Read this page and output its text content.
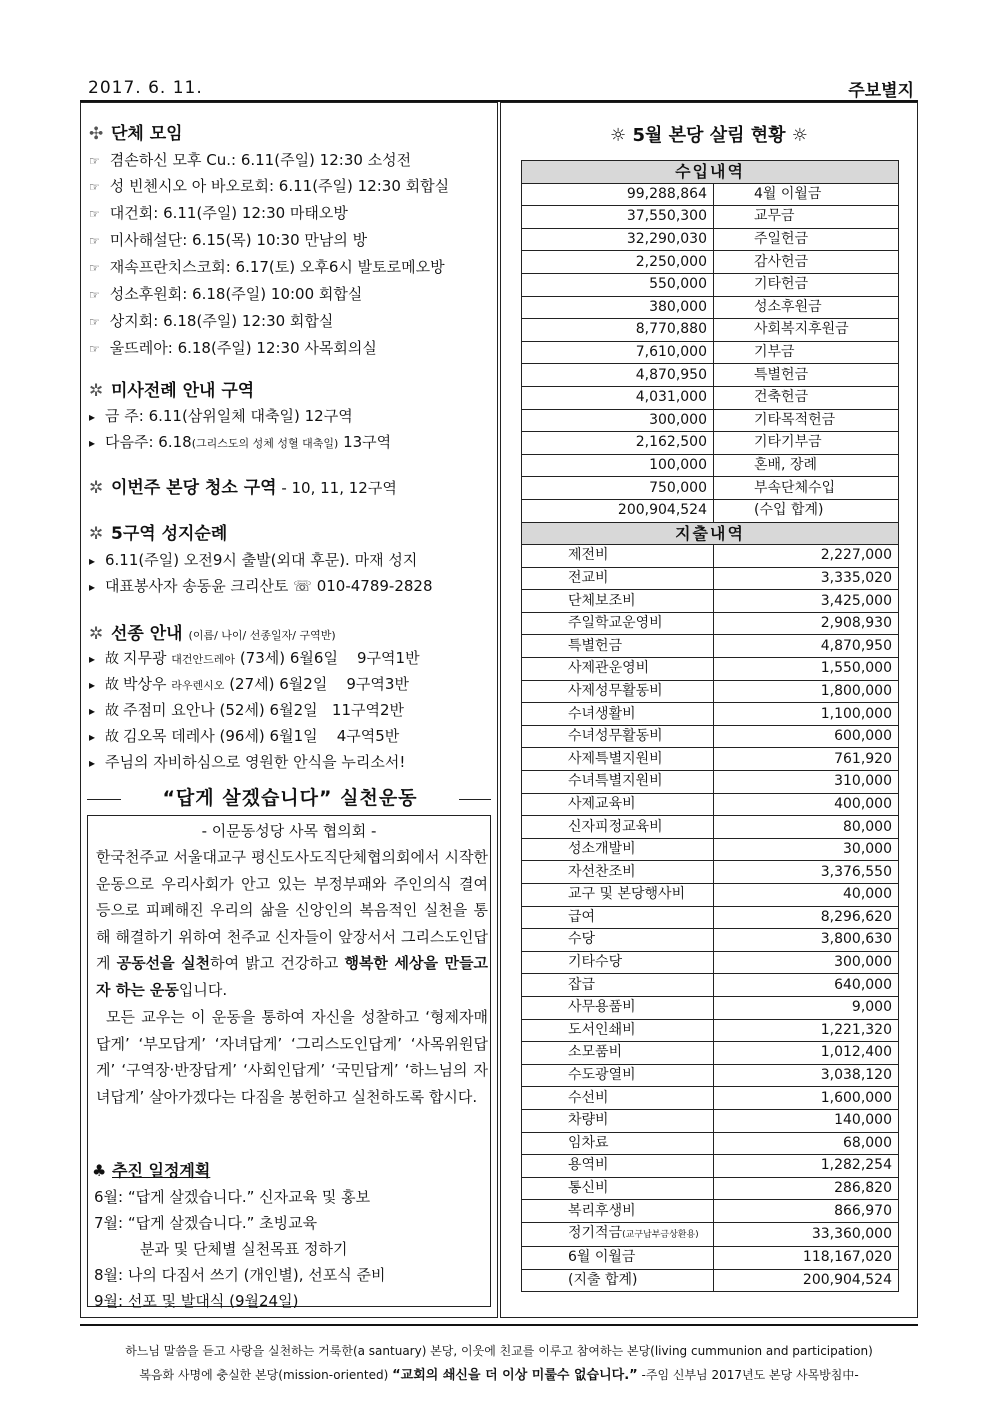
2017. 6. 11.	주보별지
✣ 단체 모임
☞ 겸손하신 모후 Cu.: 6.11(주일) 12:30 소성전
☞ 성 빈첸시오 아 바오로회: 6.11(주일) 12:30 회합실
☞ 대건회: 6.11(주일) 12:30 마태오방
☞ 미사해설단: 6.15(목) 10:30 만남의 방
☞ 재속프란치스코회: 6.17(토) 오후6시 발토로메오방
☞ 성소후원회: 6.18(주일) 10:00 회합실
☞ 상지회: 6.18(주일) 12:30 회합실
☞ 울뜨레아: 6.18(주일) 12:30 사목회의실
✲ 미사전례 안내 구역
▸ 금 주: 6.11(삼위일체 대축일) 12구역
▸ 다음주: 6.18(그리스도의 성체 성혈 대축일) 13구역
✲ 이번주 본당 청소 구역 - 10, 11, 12구역
✲ 5구역 성지순례
▸ 6.11(주일) 오전9시 출발(외대 후문). 마재 성지
▸ 대표봉사자 송동윤 크리산토 ☏ 010-4789-2828
✲ 선종 안내 (이름/ 나이/ 선종일자/ 구역반)
▸ 故 지무광 대건안드레아 (73세) 6월6일    9구역1반
▸ 故 박상우 라우렌시오 (27세) 6월2일    9구역3반
▸ 故 주점미 요안나 (52세) 6월2일   11구역2반
▸ 故 김오목 데레사 (96세) 6월1일    4구역5반
▸ 주님의 자비하심으로 영원한 안식을 누리소서!
“답게 살겠습니다” 실천운동
- 이문동성당 사목 협의회 -
한국천주교 서울대교구 평신도사도직단체협의회에서 시작한 운동으로 우리사회가 안고 있는 부정부패와 주인의식 결여 등으로 피폐해진 우리의 삶을 신앙인의 복음적인 실천을 통해 해결하기 위하여 천주교 신자들이 앞장서서 그리스도인답게 공동선을 실천하여 밝고 건강하고 행복한 세상을 만들고자 하는 운동입니다.
모든 교우는 이 운동을 통하여 자신을 성찰하고 ‘형제자매답게’ ‘부모답게’ ‘자녀답게’ ‘그리스도인답게’ ‘사목위원답게’ ‘구역장·반장답게’ ‘사회인답게’ ‘국민답게’ ‘하느님의 자녀답게’ 살아가겠다는 다짐을 봉헌하고 실천하도록 합시다.
♣ 추진 일정계획
6월: “답게 살겠습니다.” 신자교육 및 홍보
7월: “답게 살겠습니다.” 초빙교육
분과 및 단체별 실천목표 정하기
8월: 나의 다짐서 쓰기 (개인별), 선포식 준비
9월: 선포 및 발대식 (9월24일)
☼ 5월 본당 살림 현황 ☼
수입내역	
99,288,864	4월 이월금
37,550,300	교무금
32,290,030	주일헌금
2,250,000	감사헌금
550,000	기타헌금
380,000	성소후원금
8,770,880	사회복지후원금
7,610,000	기부금
4,870,950	특별헌금
4,031,000	건축헌금
300,000	기타목적헌금
2,162,500	기타기부금
100,000	혼배, 장례
750,000	부속단체수입
200,904,524	(수입 합계)
지출내역	
제전비	2,227,000
전교비	3,335,020
단체보조비	3,425,000
주일학교운영비	2,908,930
특별헌금	4,870,950
사제관운영비	1,550,000
사제성무활동비	1,800,000
수녀생활비	1,100,000
수녀성무활동비	600,000
사제특별지원비	761,920
수녀특별지원비	310,000
사제교육비	400,000
신자피정교육비	80,000
성소개발비	30,000
자선찬조비	3,376,550
교구 및 본당행사비	40,000
급여	8,296,620
수당	3,800,630
기타수당	300,000
잡급	640,000
사무용품비	9,000
도서인쇄비	1,221,320
소모품비	1,012,400
수도광열비	3,038,120
수선비	1,600,000
차량비	140,000
임차료	68,000
용역비	1,282,254
통신비	286,820
복리후생비	866,970
정기적금(교구납부금상환용)	33,360,000
6월 이월금	118,167,020
(지출 합계)	200,904,524
하느님 말씀을 듣고 사랑을 실천하는 거룩한(a santuary) 본당, 이웃에 친교를 이루고 참여하는 본당(living cummunion and participation)
복음화 사명에 충실한 본당(mission-oriented) “교회의 쇄신을 더 이상 미룰수 없습니다.” -주임 신부님 2017년도 본당 사목방침中-
